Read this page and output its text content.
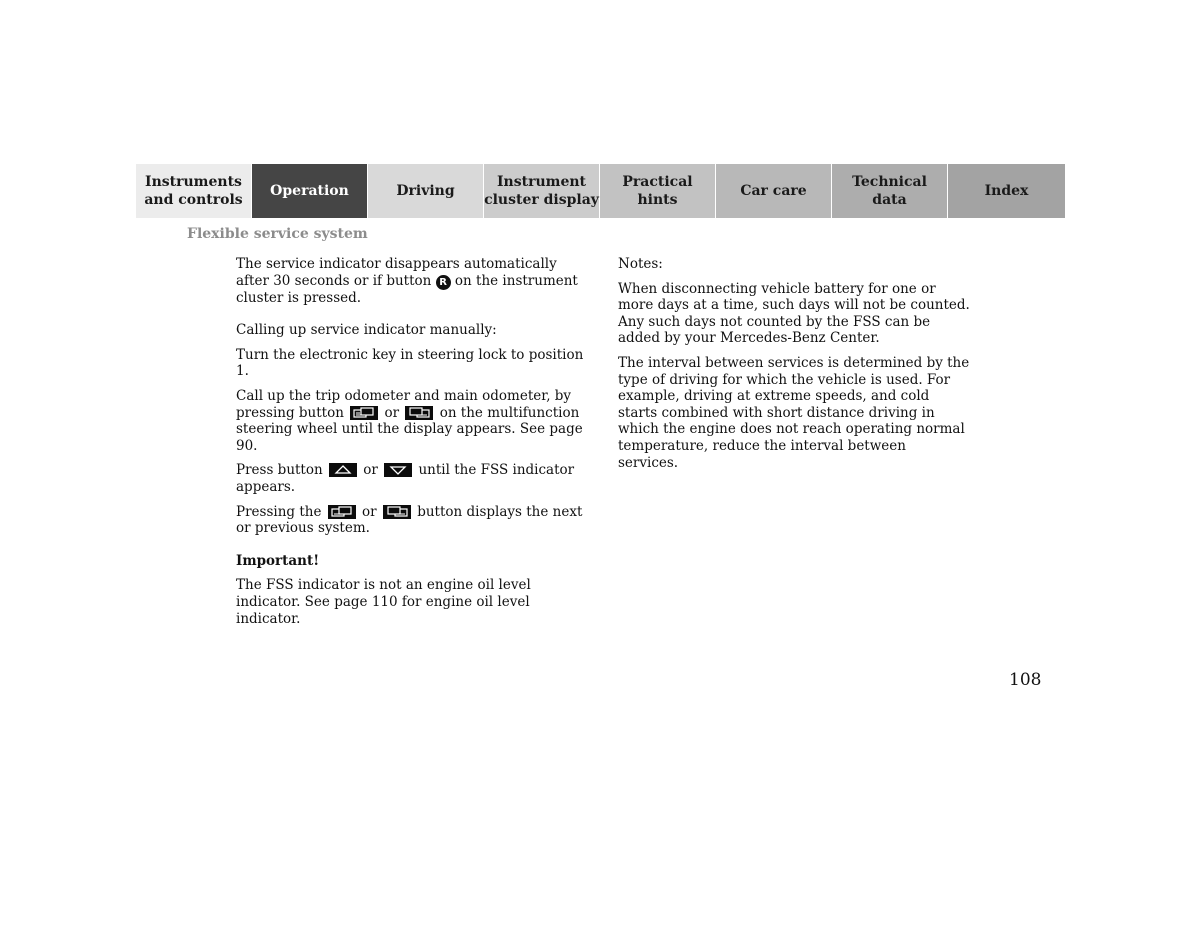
Instruments
and controls
Operation	Driving
Instrument
cluster display
Practical hints
Car care
Technical
data
Index
Flexible service system

The service indicator disappears automatically after 30 seconds or if button R on the instrument cluster is pressed.

Calling up service indicator manually:

Turn the electronic key in steering lock to position 1.

Call up the trip odometer and main odometer, by pressing button	or	on the multifunction steering wheel until the display appears. See page 90.

Press button	or	until the FSS indicator appears.

Pressing the	or	button displays the next or previous system.

Important!

The FSS indicator is not an engine oil level indicator. See page 110 for engine oil level indicator.

Notes:

When disconnecting vehicle battery for one or more days at a time, such days will not be counted. Any such days not counted by the FSS can be added by your Mercedes-Benz Center.

The interval between services is determined by the type of driving for which the vehicle is used. For example, driving at extreme speeds, and cold starts combined with short distance driving in which the engine does not reach operating normal temperature, reduce the interval between services.

108
